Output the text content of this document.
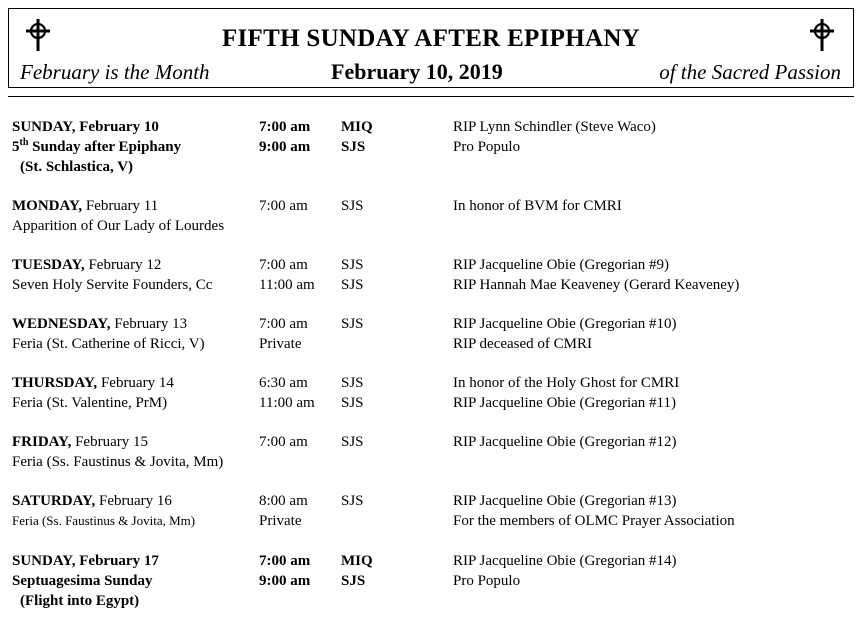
FIFTH SUNDAY AFTER EPIPHANY
February is the Month	February 10, 2019	of the Sacred Passion
SUNDAY, February 10	7:00 am MIQ	RIP Lynn Schindler (Steve Waco)
5th Sunday after Epiphany	9:00 am SJS	Pro Populo
(St. Schlastica, V)
MONDAY, February 11	7:00 am SJS	In honor of BVM for CMRI
Apparition of Our Lady of Lourdes
TUESDAY, February 12	7:00 am SJS	RIP Jacqueline Obie (Gregorian #9)
Seven Holy Servite Founders, Cc	11:00 am SJS	RIP Hannah Mae Keaveney (Gerard Keaveney)
WEDNESDAY, February 13	7:00 am SJS	RIP Jacqueline Obie (Gregorian #10)
Feria (St. Catherine of Ricci, V)	Private	RIP deceased of CMRI
THURSDAY, February 14	6:30 am SJS	In honor of the Holy Ghost for CMRI
Feria (St. Valentine, PrM)	11:00 am SJS	RIP Jacqueline Obie (Gregorian #11)
FRIDAY, February 15	7:00 am SJS	RIP Jacqueline Obie (Gregorian #12)
Feria (Ss. Faustinus & Jovita, Mm)
SATURDAY, February 16	8:00 am SJS	RIP Jacqueline Obie (Gregorian #13)
Feria (Ss. Faustinus & Jovita, Mm)	Private	For the members of OLMC Prayer Association
SUNDAY, February 17	7:00 am MIQ	RIP Jacqueline Obie (Gregorian #14)
Septuagesima Sunday	9:00 am SJS	Pro Populo
(Flight into Egypt)
